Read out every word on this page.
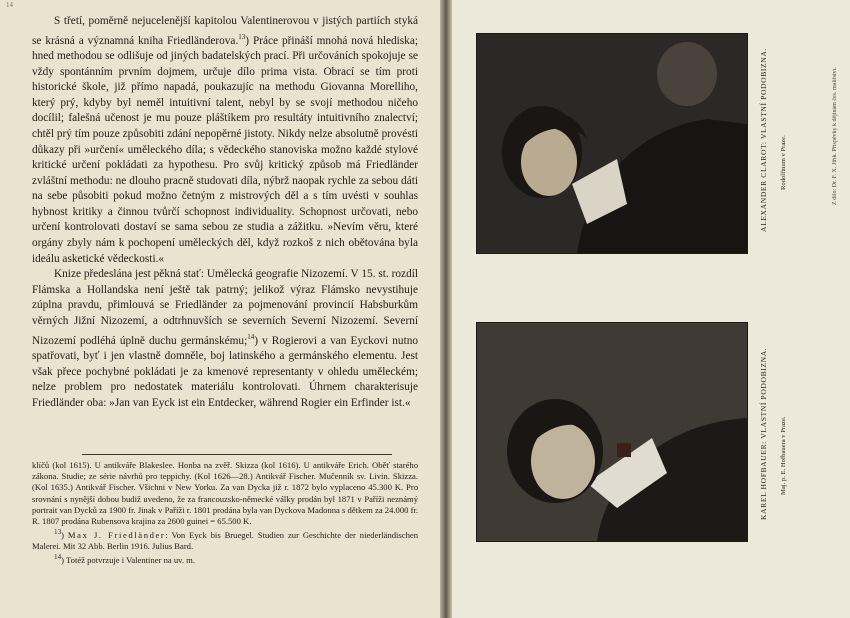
14

S třetí, poměrně nejucelenější kapitolou Valentinerovou v jistých partiích styká se krásná a významná kniha Friedländerova.$^{13}$) Práce přináší mnohá nová hlediska; hned methodou se odlišuje od jiných badatelských prací. Při určováních spokojuje se vždy spontánním prvním dojmem, určuje dílo prima vista. Obrací se tím proti historické škole, již přímo napadá, poukazujíc na methodu Giovanna Morelliho, který prý, kdyby byl neměl intuitivní talent, nebyl by se svojí methodou ničeho docílil; falešná učenost je mu pouze pláštíkem pro resultáty intuitivního znalectví; chtěl prý tím pouze způsobiti zdání nepopěrné jistoty. Nikdy nelze absolutně provésti důkazy při »určení« uměleckého díla; s vědeckého stanoviska možno každé stylové kritické určení pokládati za hypothesu. Pro svůj kritický způsob má Friedländer zvláštní methodu: ne dlouho pracně studovati díla, nýbrž naopak rychle za sebou dáti na sebe působiti pokud možno četným z mistrových děl a s tím uvésti v souhlas hybnost kritiky a činnou tvůrčí schopnost individuality. Schopnost určovati, nebo určení kontrolovati dostaví se sama sebou ze studia a zážitku. »Nevím věru, které orgány zbyly nám k pochopení uměleckých děl, když rozkoš z nich obětována byla ideálu asketické vědeckosti.«

Knize předeslána jest pěkná stať: Umělecká geografie Nizozemí. V 15. st. rozdíl Flámska a Hollandska není ještě tak patrný; jelikož výraz Flámsko nevystihuje zúplna pravdu, přimlouvá se Friedländer za pojmenování provincií Habsburkům věrných Jižní Nizozemí, a odtrhnuvších se severních Severní Nizozemí. Severní Nizozemí podléhá úplně duchu germánskému;$^{14}$) v Rogierovi a van Eyckovi nutno spatřovati, byť i jen vlastně domněle, boj latinského a germánského elementu. Jest však přece pochybné pokládati je za kmenové representanty v ohledu uměleckém; nelze problem pro nedostatek materiálu kontrolovati. Úhrnem charakterisuje Friedländer oba: »Jan van Eyck ist ein Entdecker, während Rogier ein Erfinder ist.«

klíčů (kol 1615). U antikváře Blakeslee. Honba na zvěř. Skizza (kol 1616). U antikváře Erich. Oběť starého zákona. Studie; ze série návrhů pro teppichy. (Kol 1626—28.) Antikvář Fischer. Mučenník sv. Livin. Skizza. (Kol 1635.) Antikvář Fischer. Všichni v New Yorku. Za van Dycka již r. 1872 bylo vyplaceno 45.300 K. Pro srovnání s nynější dobou budiž uvedeno, že za francouzsko-německé války prodán byl 1871 v Paříži neznámý portrait van Dycků za 1900 fr. Jinak v Paříži r. 1801 prodána byla van Dyckova Madonna s dětkem za 24.000 fr. R. 1807 prodána Rubensova krajina za 2600 guinei = 65.500 K.

$^{13}$) Max J. Friedländer: Von Eyck bis Bruegel. Studien zur Geschichte der niederländischen Malerei. Mit 32 Abb. Berlin 1916. Julius Bard.

$^{14}$) Totéž potvrzuje i Valentiner na uv. m.

ALEXANDER CLAROT: VLASTNÍ PODOBIZNA.	Rodolfinum v Praze.
KAREL HOFBAUER: VLASTNÍ PODOBIZNA.	Maj. p. E. Hofbauera v Praze.
Z dílo: Dr. F. X. Jiřík. Příspěvky k dějinám čes. malířství.
